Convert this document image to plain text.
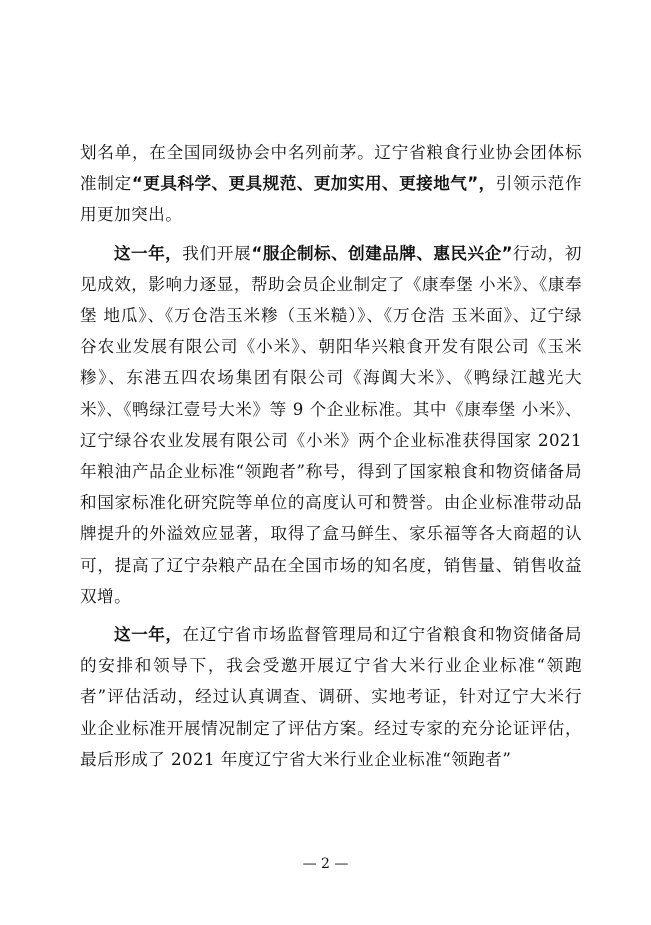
划名单，在全国同级协会中名列前茅。辽宁省粮食行业协会团体标准制定“更具科学、更具规范、更加实用、更接地气”，引领示范作用更加突出。

这一年，我们开展“服企制标、创建品牌、惠民兴企”行动，初见成效，影响力逐显，帮助会员企业制定了《康奉堡 小米》、《康奉堡 地瓜》、《万仓浩玉米糁（玉米糙）》、《万仓浩 玉米面》、辽宁绿谷农业发展有限公司《小米》、朝阳华兴粮食开发有限公司《玉米糁》、东港五四农场集团有限公司《海阗大米》、《鸭绿江越光大米》、《鸭绿江壹号大米》等 9 个企业标准。其中《康奉堡 小米》、辽宁绿谷农业发展有限公司《小米》两个企业标准获得国家 2021 年粮油产品企业标准“领跑者”称号，得到了国家粮食和物资储备局和国家标准化研究院等单位的高度认可和赞誉。由企业标准带动品牌提升的外溢效应显著，取得了盒马鲜生、家乐福等各大商超的认可，提高了辽宁杂粮产品在全国市场的知名度，销售量、销售收益双增。

这一年，在辽宁省市场监督管理局和辽宁省粮食和物资储备局的安排和领导下，我会受邀开展辽宁省大米行业企业标准“领跑者”评估活动，经过认真调查、调研、实地考证，针对辽宁大米行业企业标准开展情况制定了评估方案。经过专家的充分论证评估，最后形成了 2021 年度辽宁省大米行业企业标准“领跑者”

— 2 —
